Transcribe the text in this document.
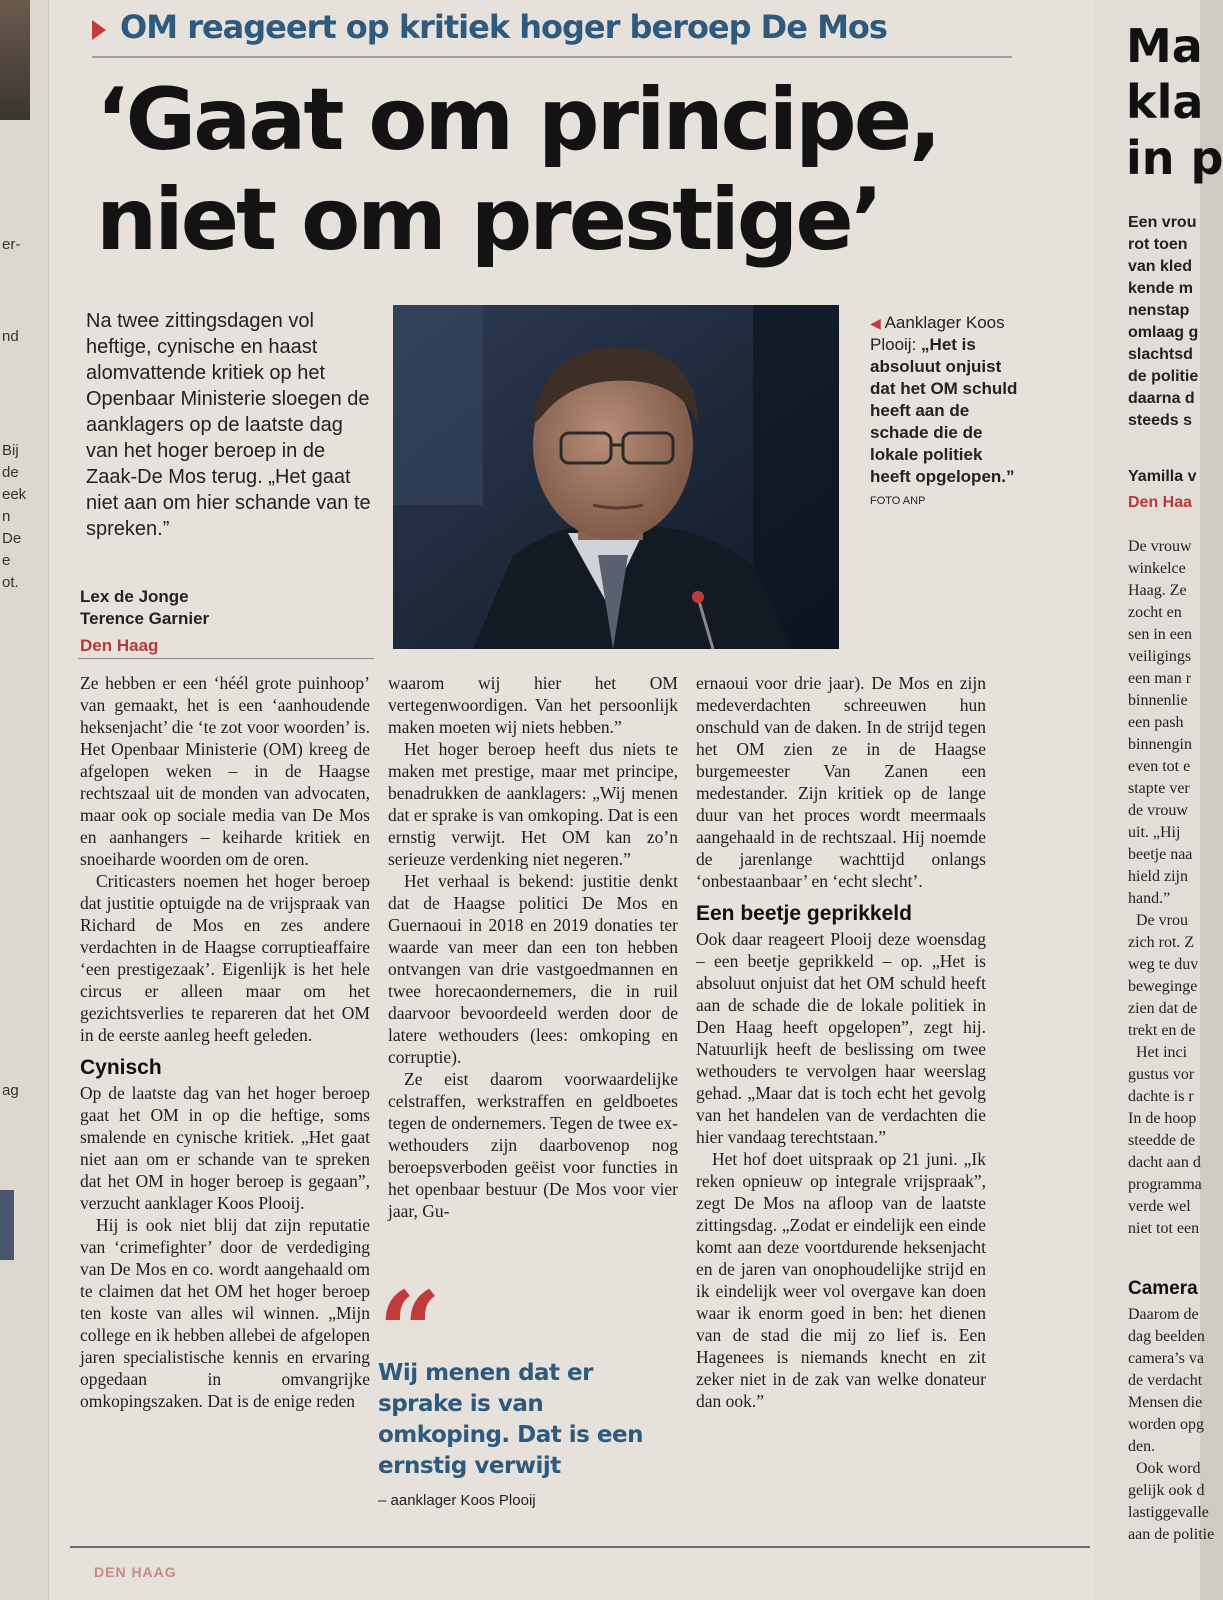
er-
nd
Bij
de
eek
n
De
e
ot.
ag
OM reageert op kritiek hoger beroep De Mos
‘Gaat om principe,
niet om prestige’
Na twee zittingsdagen vol heftige, cynische en haast alomvattende kritiek op het Openbaar Ministerie sloegen de aanklagers op de laatste dag van het hoger beroep in de Zaak-De Mos terug. „Het gaat niet aan om hier schande van te spreken.”
Lex de Jonge
Terence Garnier
Den Haag
◀ Aanklager Koos Plooij: „Het is absoluut onjuist dat het OM schuld heeft aan de schade die de lokale politiek heeft opgelopen.” FOTO ANP

Ze hebben er een ‘héél grote puinhoop’ van gemaakt, het is een ‘aanhoudende heksenjacht’ die ‘te zot voor woorden’ is. Het Openbaar Ministerie (OM) kreeg de afgelopen weken – in de Haagse rechtszaal uit de monden van advocaten, maar ook op sociale media van De Mos en aanhangers – keiharde kritiek en snoeiharde woorden om de oren.

Criticasters noemen het hoger beroep dat justitie optuigde na de vrijspraak van Richard de Mos en zes andere verdachten in de Haagse corruptieaffaire ‘een prestigezaak’. Eigenlijk is het hele circus er alleen maar om het gezichtsverlies te repareren dat het OM in de eerste aanleg heeft geleden.

Cynisch

Op de laatste dag van het hoger beroep gaat het OM in op die heftige, soms smalende en cynische kritiek. „Het gaat niet aan om er schande van te spreken dat het OM in hoger beroep is gegaan”, verzucht aanklager Koos Plooij.

Hij is ook niet blij dat zijn reputatie van ‘crimefighter’ door de verdediging van De Mos en co. wordt aangehaald om te claimen dat het OM het hoger beroep ten koste van alles wil winnen. „Mijn college en ik hebben allebei de afgelopen jaren specialistische kennis en ervaring opgedaan in omvangrijke omkopingszaken. Dat is de enige reden

waarom wij hier het OM vertegenwoordigen. Van het persoonlijk maken moeten wij niets hebben.”

Het hoger beroep heeft dus niets te maken met prestige, maar met principe, benadrukken de aanklagers: „Wij menen dat er sprake is van omkoping. Dat is een ernstig verwijt. Het OM kan zo’n serieuze verdenking niet negeren.”

Het verhaal is bekend: justitie denkt dat de Haagse politici De Mos en Guernaoui in 2018 en 2019 donaties ter waarde van meer dan een ton hebben ontvangen van drie vastgoedmannen en twee horecaondernemers, die in ruil daarvoor bevoordeeld werden door de latere wethouders (lees: omkoping en corruptie).

Ze eist daarom voorwaardelijke celstraffen, werkstraffen en geldboetes tegen de ondernemers. Tegen de twee ex-wethouders zijn daarbovenop nog beroepsverboden geëist voor functies in het openbaar bestuur (De Mos voor vier jaar, Gu-

“
Wij menen dat er sprake is van omkoping. Dat is een ernstig verwijt
– aanklager Koos Plooij

ernaoui voor drie jaar). De Mos en zijn medeverdachten schreeuwen hun onschuld van de daken. In de strijd tegen het OM zien ze in de Haagse burgemeester Van Zanen een medestander. Zijn kritiek op de lange duur van het proces wordt meermaals aangehaald in de rechtszaal. Hij noemde de jarenlange wachttijd onlangs ‘onbestaanbaar’ en ‘echt slecht’.

Een beetje geprikkeld

Ook daar reageert Plooij deze woensdag – een beetje geprikkeld – op. „Het is absoluut onjuist dat het OM schuld heeft aan de schade die de lokale politiek in Den Haag heeft opgelopen”, zegt hij. Natuurlijk heeft de beslissing om twee wethouders te vervolgen haar weerslag gehad. „Maar dat is toch echt het gevolg van het handelen van de verdachten die hier vandaag terechtstaan.”

Het hof doet uitspraak op 21 juni. „Ik reken opnieuw op integrale vrijspraak”, zegt De Mos na afloop van de laatste zittingsdag. „Zodat er eindelijk een einde komt aan deze voortdurende heksenjacht en de jaren van onophoudelijke strijd en ik eindelijk weer vol overgave kan doen waar ik enorm goed in ben: het dienen van de stad die mij zo lief is. Een Hagenees is niemands knecht en zit zeker niet in de zak van welke donateur dan ook.”

Ma
kla
in p
Een vrou
rot toen
van kled
kende m
nenstap
omlaag g
slachtsd
de politie
daarna d
steeds s
Yamilla v
Den Haa
De vrouw
winkelce
Haag. Ze
zocht en
sen in een
veiligings
een man r
binnenlie
een pash
binnengin
even tot e
stapte ver
de vrouw
uit. „Hij
beetje naa
hield zijn
hand.”
De vrou
zich rot. Z
weg te duv
beweginge
zien dat de
trekt en de
Het inci
gustus vor
dachte is r
In de hoop
steedde de
dacht aan d
programma
verde wel
niet tot een
Camera
Daarom de
dag beelden
camera’s va
de verdacht
Mensen die
worden opg
den.
Ook word
gelijk ook d
lastiggevalle
aan de politie
DEN HAAG
